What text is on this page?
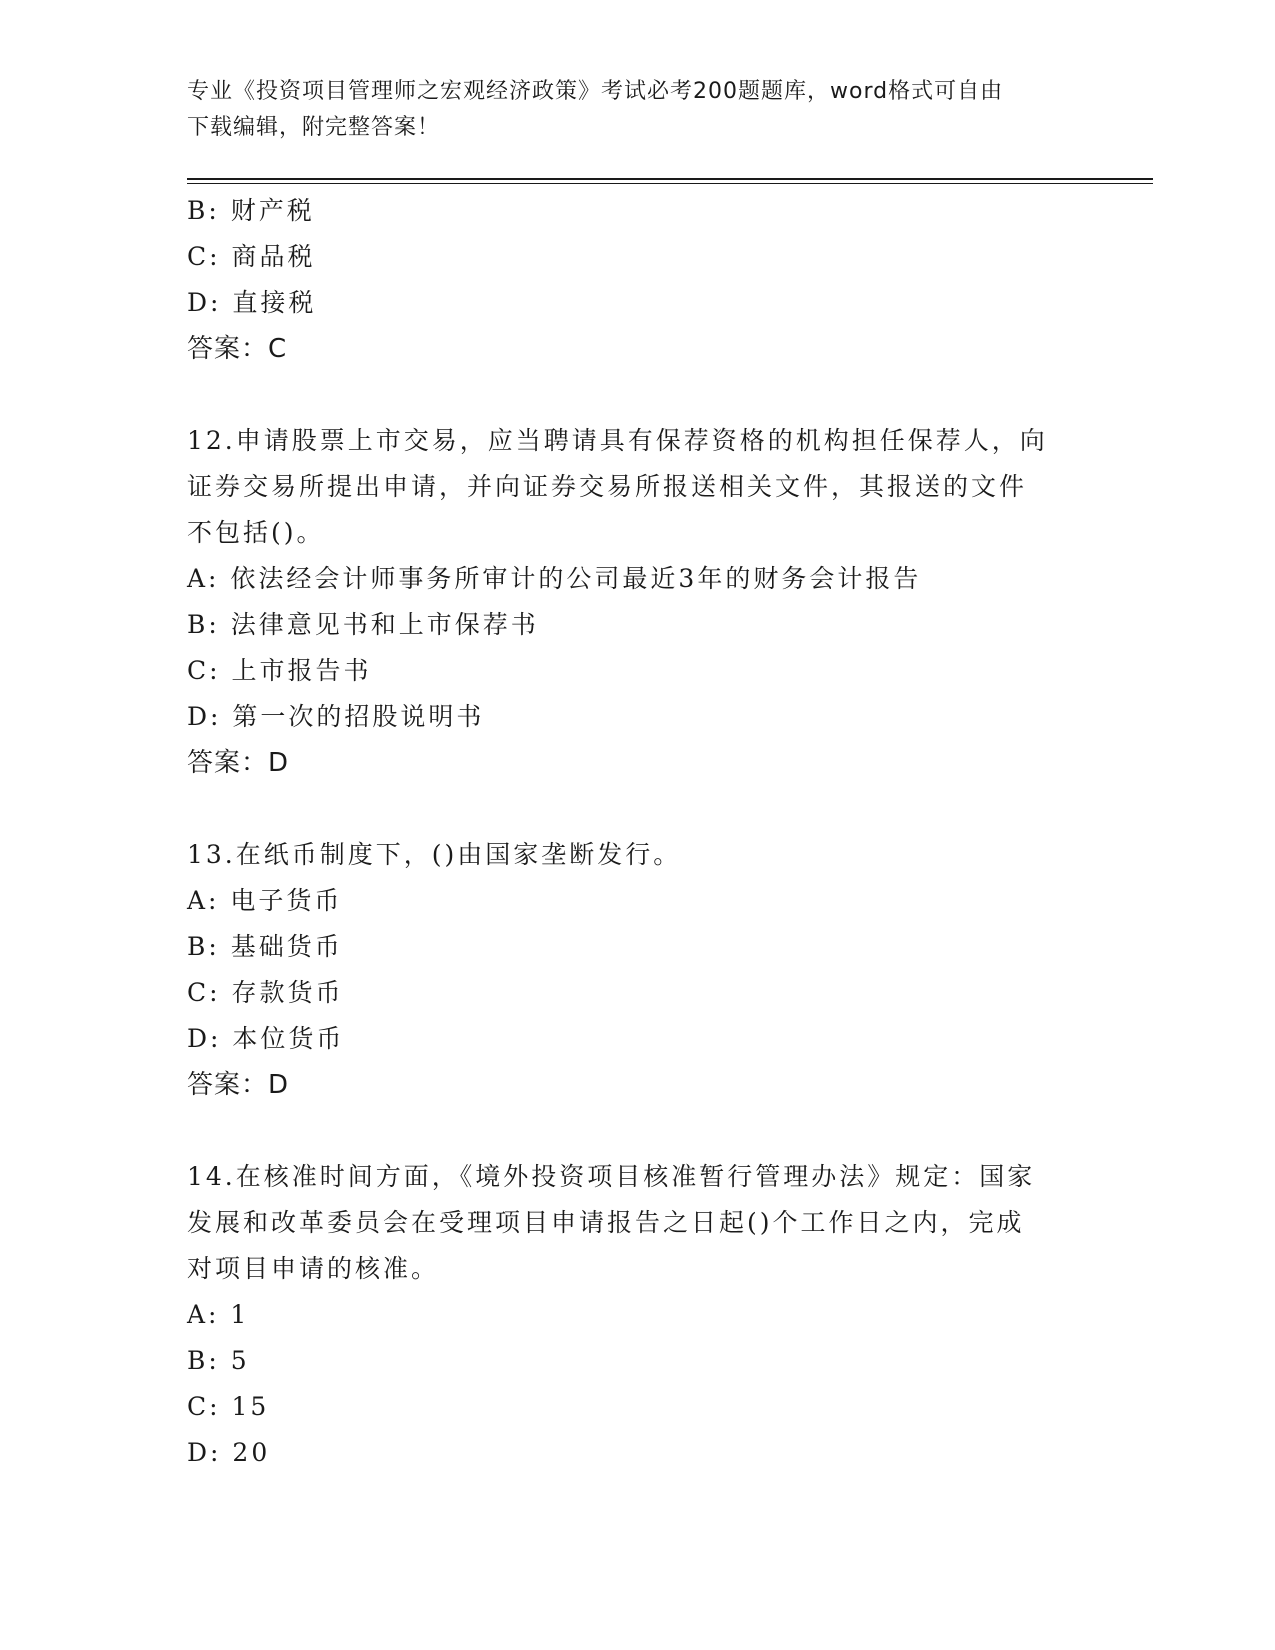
专业《投资项目管理师之宏观经济政策》考试必考200题题库，word格式可自由
下载编辑，附完整答案！
B: 财产税
C: 商品税
D: 直接税
答案：C
12.申请股票上市交易，应当聘请具有保荐资格的机构担任保荐人，向
证券交易所提出申请，并向证券交易所报送相关文件，其报送的文件
不包括()。
A: 依法经会计师事务所审计的公司最近3年的财务会计报告
B: 法律意见书和上市保荐书
C: 上市报告书
D: 第一次的招股说明书
答案：D
13.在纸币制度下，()由国家垄断发行。
A: 电子货币
B: 基础货币
C: 存款货币
D: 本位货币
答案：D
14.在核准时间方面，《境外投资项目核准暂行管理办法》规定：国家
发展和改革委员会在受理项目申请报告之日起()个工作日之内，完成
对项目申请的核准。
A: 1
B: 5
C: 15
D: 20
